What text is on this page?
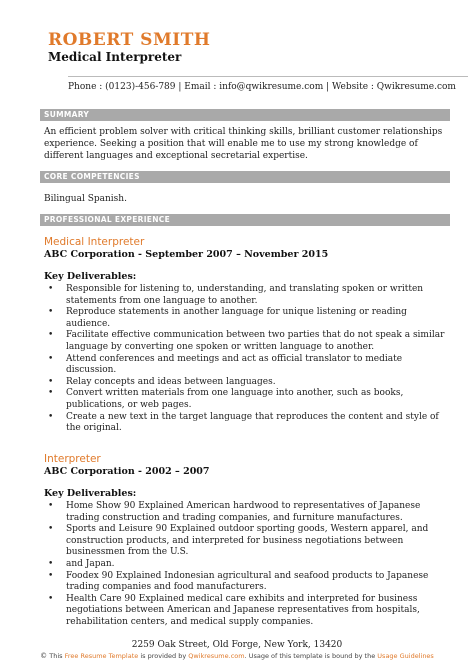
ROBERT SMITH
Medical Interpreter
Phone : (0123)-456-789 | Email : info@qwikresume.com | Website : Qwikresume.com
SUMMARY
An efficient problem solver with critical thinking skills, brilliant customer relationships experience. Seeking a position that will enable me to use my strong knowledge of different languages and exceptional secretarial expertise.
CORE COMPETENCIES
Bilingual Spanish.
PROFESSIONAL EXPERIENCE
Medical Interpreter
ABC Corporation - September 2007 – November 2015
Key Deliverables:
• Responsible for listening to, understanding, and translating spoken or written statements from one language to another.
• Reproduce statements in another language for unique listening or reading audience.
• Facilitate effective communication between two parties that do not speak a similar language by converting one spoken or written language to another.
• Attend conferences and meetings and act as official translator to mediate discussion.
• Relay concepts and ideas between languages.
• Convert written materials from one language into another, such as books, publications, or web pages.
• Create a new text in the target language that reproduces the content and style of the original.
Interpreter
ABC Corporation - 2002 – 2007
Key Deliverables:
• Home Show 90 Explained American hardwood to representatives of Japanese trading construction and trading companies, and furniture manufactures.
• Sports and Leisure 90 Explained outdoor sporting goods, Western apparel, and construction products, and interpreted for business negotiations between businessmen from the U.S.
• and Japan.
• Foodex 90 Explained Indonesian agricultural and seafood products to Japanese trading companies and food manufacturers.
• Health Care 90 Explained medical care exhibits and interpreted for business negotiations between American and Japanese representatives from hospitals, rehabilitation centers, and medical supply companies.
2259 Oak Street, Old Forge, New York, 13420
© This Free Resume Template is provided by Qwikresume.com. Usage of this template is bound by the Usage Guidelines
